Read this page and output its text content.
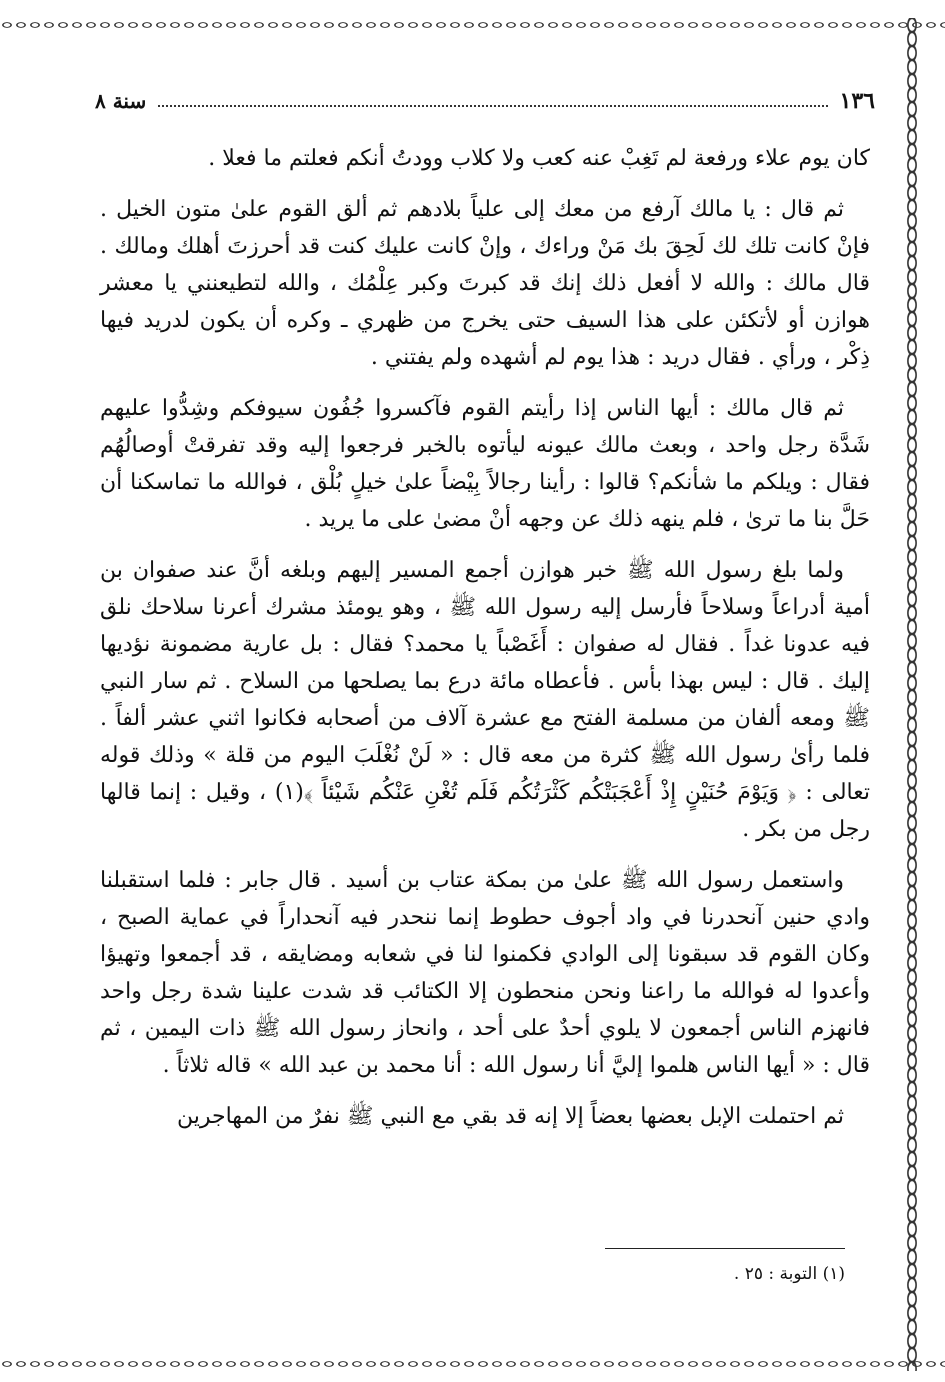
١٣٦
سنة ٨

كان يوم علاء ورفعة لم تَغِبْ عنه كعب ولا كلاب وودتُ أنكم فعلتم ما فعلا .

ثم قال : يا مالك آرفع من معك إلى علياً بلادهم ثم ألق القوم علىٰ متون الخيل . فإنْ كانت تلك لك لَحِقَ بك مَنْ وراءك ، وإنْ كانت عليك كنت قد أحرزتَ أهلك ومالك . قال مالك : والله لا أفعل ذلك إنك قد كبرتَ وكبر عِلْمُك ، والله لتطيعنني يا معشر هوازن أو لأتكئن على هذا السيف حتى يخرج من ظهري ـ وكره أن يكون لدريد فيها ذِكْر ، ورأي . فقال دريد : هذا يوم لم أشهده ولم يفتني .

ثم قال مالك : أيها الناس إذا رأيتم القوم فآكسروا جُفُون سيوفكم وشِدُّوا عليهم شَدَّة رجل واحد ، وبعث مالك عيونه ليأتوه بالخبر فرجعوا إليه وقد تفرقتْ أوصالُهُم فقال : ويلكم ما شأنكم؟ قالوا : رأينا رجالاً بِيْضاً علىٰ خيلٍ بُلْق ، فوالله ما تماسكنا أن حَلَّ بنا ما ترىٰ ، فلم ينهه ذلك عن وجهه أنْ مضىٰ على ما يريد .

ولما بلغ رسول الله ﷺ خبر هوازن أجمع المسير إليهم وبلغه أنَّ عند صفوان بن أمية أدراعاً وسلاحاً فأرسل إليه رسول الله ﷺ ، وهو يومئذ مشرك أعرنا سلاحك نلق فيه عدونا غداً . فقال له صفوان : أَغَصْباً يا محمد؟ فقال : بل عارية مضمونة نؤديها إليك . قال : ليس بهذا بأس . فأعطاه مائة درع بما يصلحها من السلاح . ثم سار النبي ﷺ ومعه ألفان من مسلمة الفتح مع عشرة آلاف من أصحابه فكانوا اثني عشر ألفاً . فلما رأىٰ رسول الله ﷺ كثرة من معه قال : « لَنْ نُغْلَبَ اليوم من قلة » وذلك قوله تعالى : ﴿ وَيَوْمَ حُنَيْنٍ إِذْ أَعْجَبَتْكُم كَثْرَتُكُم فَلَم تُغْنِ عَنْكُم شَيْئاً ﴾(١) ، وقيل : إنما قالها رجل من بكر .

واستعمل رسول الله ﷺ علىٰ من بمكة عتاب بن أسيد . قال جابر : فلما استقبلنا وادي حنين آنحدرنا في واد أجوف حطوط إنما ننحدر فيه آنحداراً في عماية الصبح ، وكان القوم قد سبقونا إلى الوادي فكمنوا لنا في شعابه ومضايقه ، قد أجمعوا وتهيؤا وأعدوا له فوالله ما راعنا ونحن منحطون إلا الكتائب قد شدت علينا شدة رجل واحد فانهزم الناس أجمعون لا يلوي أحدٌ على أحد ، وانحاز رسول الله ﷺ ذات اليمين ، ثم قال : « أيها الناس هلموا إليَّ أنا رسول الله : أنا محمد بن عبد الله » قاله ثلاثاً .

ثم احتملت الإبل بعضها بعضاً إلا إنه قد بقي مع النبي ﷺ نفرٌ من المهاجرين

(١) التوبة : ٢٥ .
